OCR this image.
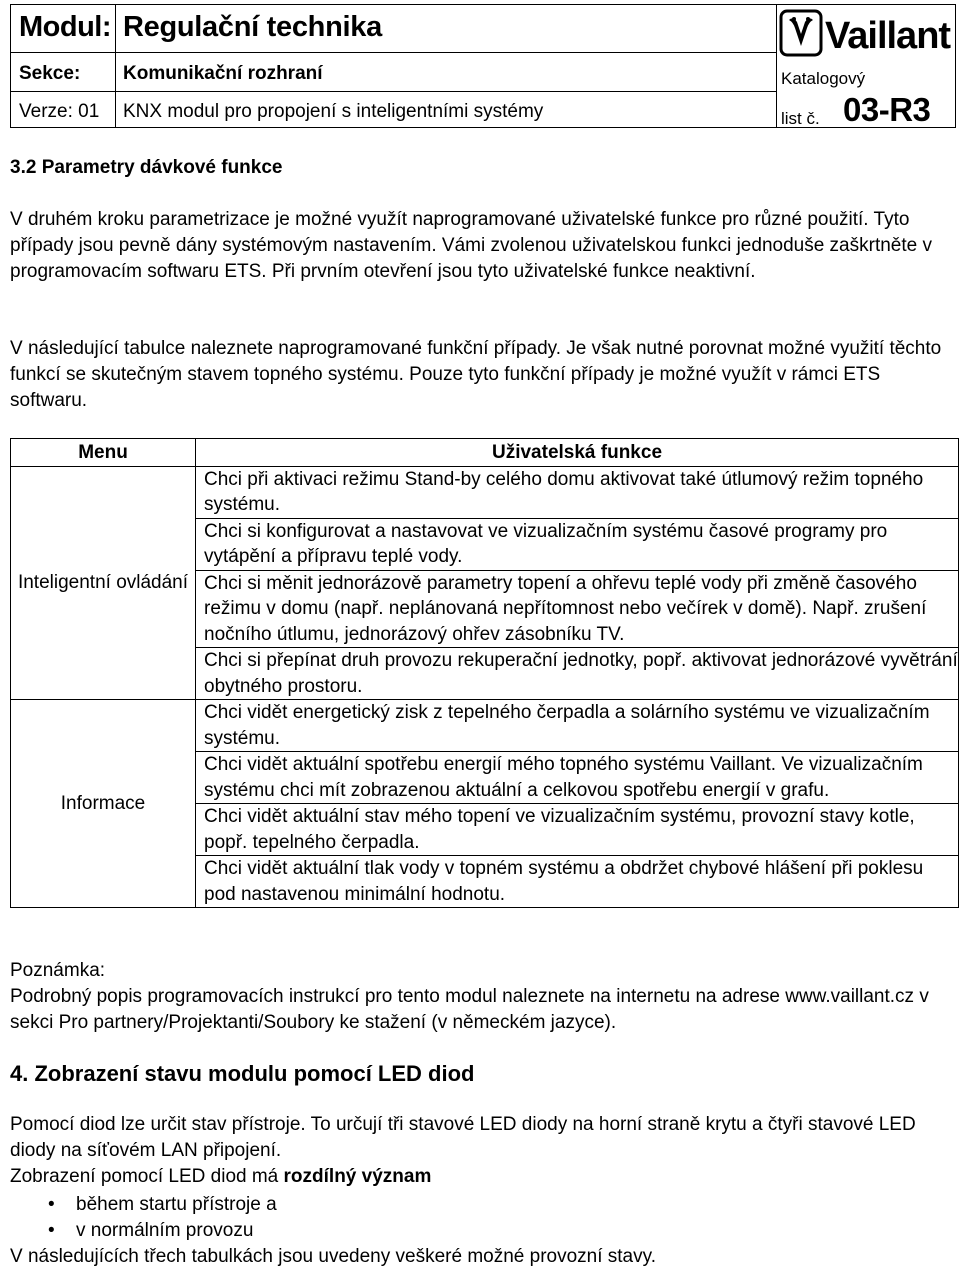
Modul: Regulační technika
Sekce: Komunikační rozhraní
Verze: 01 KNX modul pro propojení s inteligentními systémy
Vaillant
Katalogový
list č. 03-R3
3.2 Parametry dávkové funkce
V druhém kroku parametrizace je možné využít naprogramované uživatelské funkce pro různé použití. Tyto případy jsou pevně dány systémovým nastavením. Vámi zvolenou uživatelskou funkci jednoduše zaškrtněte v programovacím softwaru ETS. Při prvním otevření jsou tyto uživatelské funkce neaktivní.
V následující tabulce naleznete naprogramované funkční případy. Je však nutné porovnat možné využití těchto funkcí se skutečným stavem topného systému. Pouze tyto funkční případy je možné využít v rámci ETS softwaru.
Menu	Uživatelská funkce
Inteligentní ovládání	Chci při aktivaci režimu Stand-by celého domu aktivovat také útlumový režim topného systému.
	Chci si konfigurovat a nastavovat ve vizualizačním systému časové programy pro vytápění a přípravu teplé vody.
	Chci si měnit jednorázově parametry topení a ohřevu teplé vody při změně časového režimu v domu (např. neplánovaná nepřítomnost nebo večírek v domě). Např. zrušení nočního útlumu, jednorázový ohřev zásobníku TV.
	Chci si přepínat druh provozu rekuperační jednotky, popř. aktivovat jednorázové vyvětrání obytného prostoru.
Informace	Chci vidět energetický zisk z tepelného čerpadla a solárního systému ve vizualizačním systému.
	Chci vidět aktuální spotřebu energií mého topného systému Vaillant. Ve vizualizačním systému chci mít zobrazenou aktuální a celkovou spotřebu energií v grafu.
	Chci vidět aktuální stav mého topení ve vizualizačním systému, provozní stavy kotle, popř. tepelného čerpadla.
	Chci vidět aktuální tlak vody v topném systému a obdržet chybové hlášení při poklesu pod nastavenou minimální hodnotu.
Poznámka:
Podrobný popis programovacích instrukcí pro tento modul naleznete na internetu na adrese www.vaillant.cz v sekci Pro partnery/Projektanti/Soubory ke stažení (v německém jazyce).
4. Zobrazení stavu modulu pomocí LED diod
Pomocí diod lze určit stav přístroje. To určují tři stavové LED diody na horní straně krytu a čtyři stavové LED diody na síťovém LAN připojení.
Zobrazení pomocí LED diod má rozdílný význam
• během startu přístroje a
• v normálním provozu
V následujících třech tabulkách jsou uvedeny veškeré možné provozní stavy.
